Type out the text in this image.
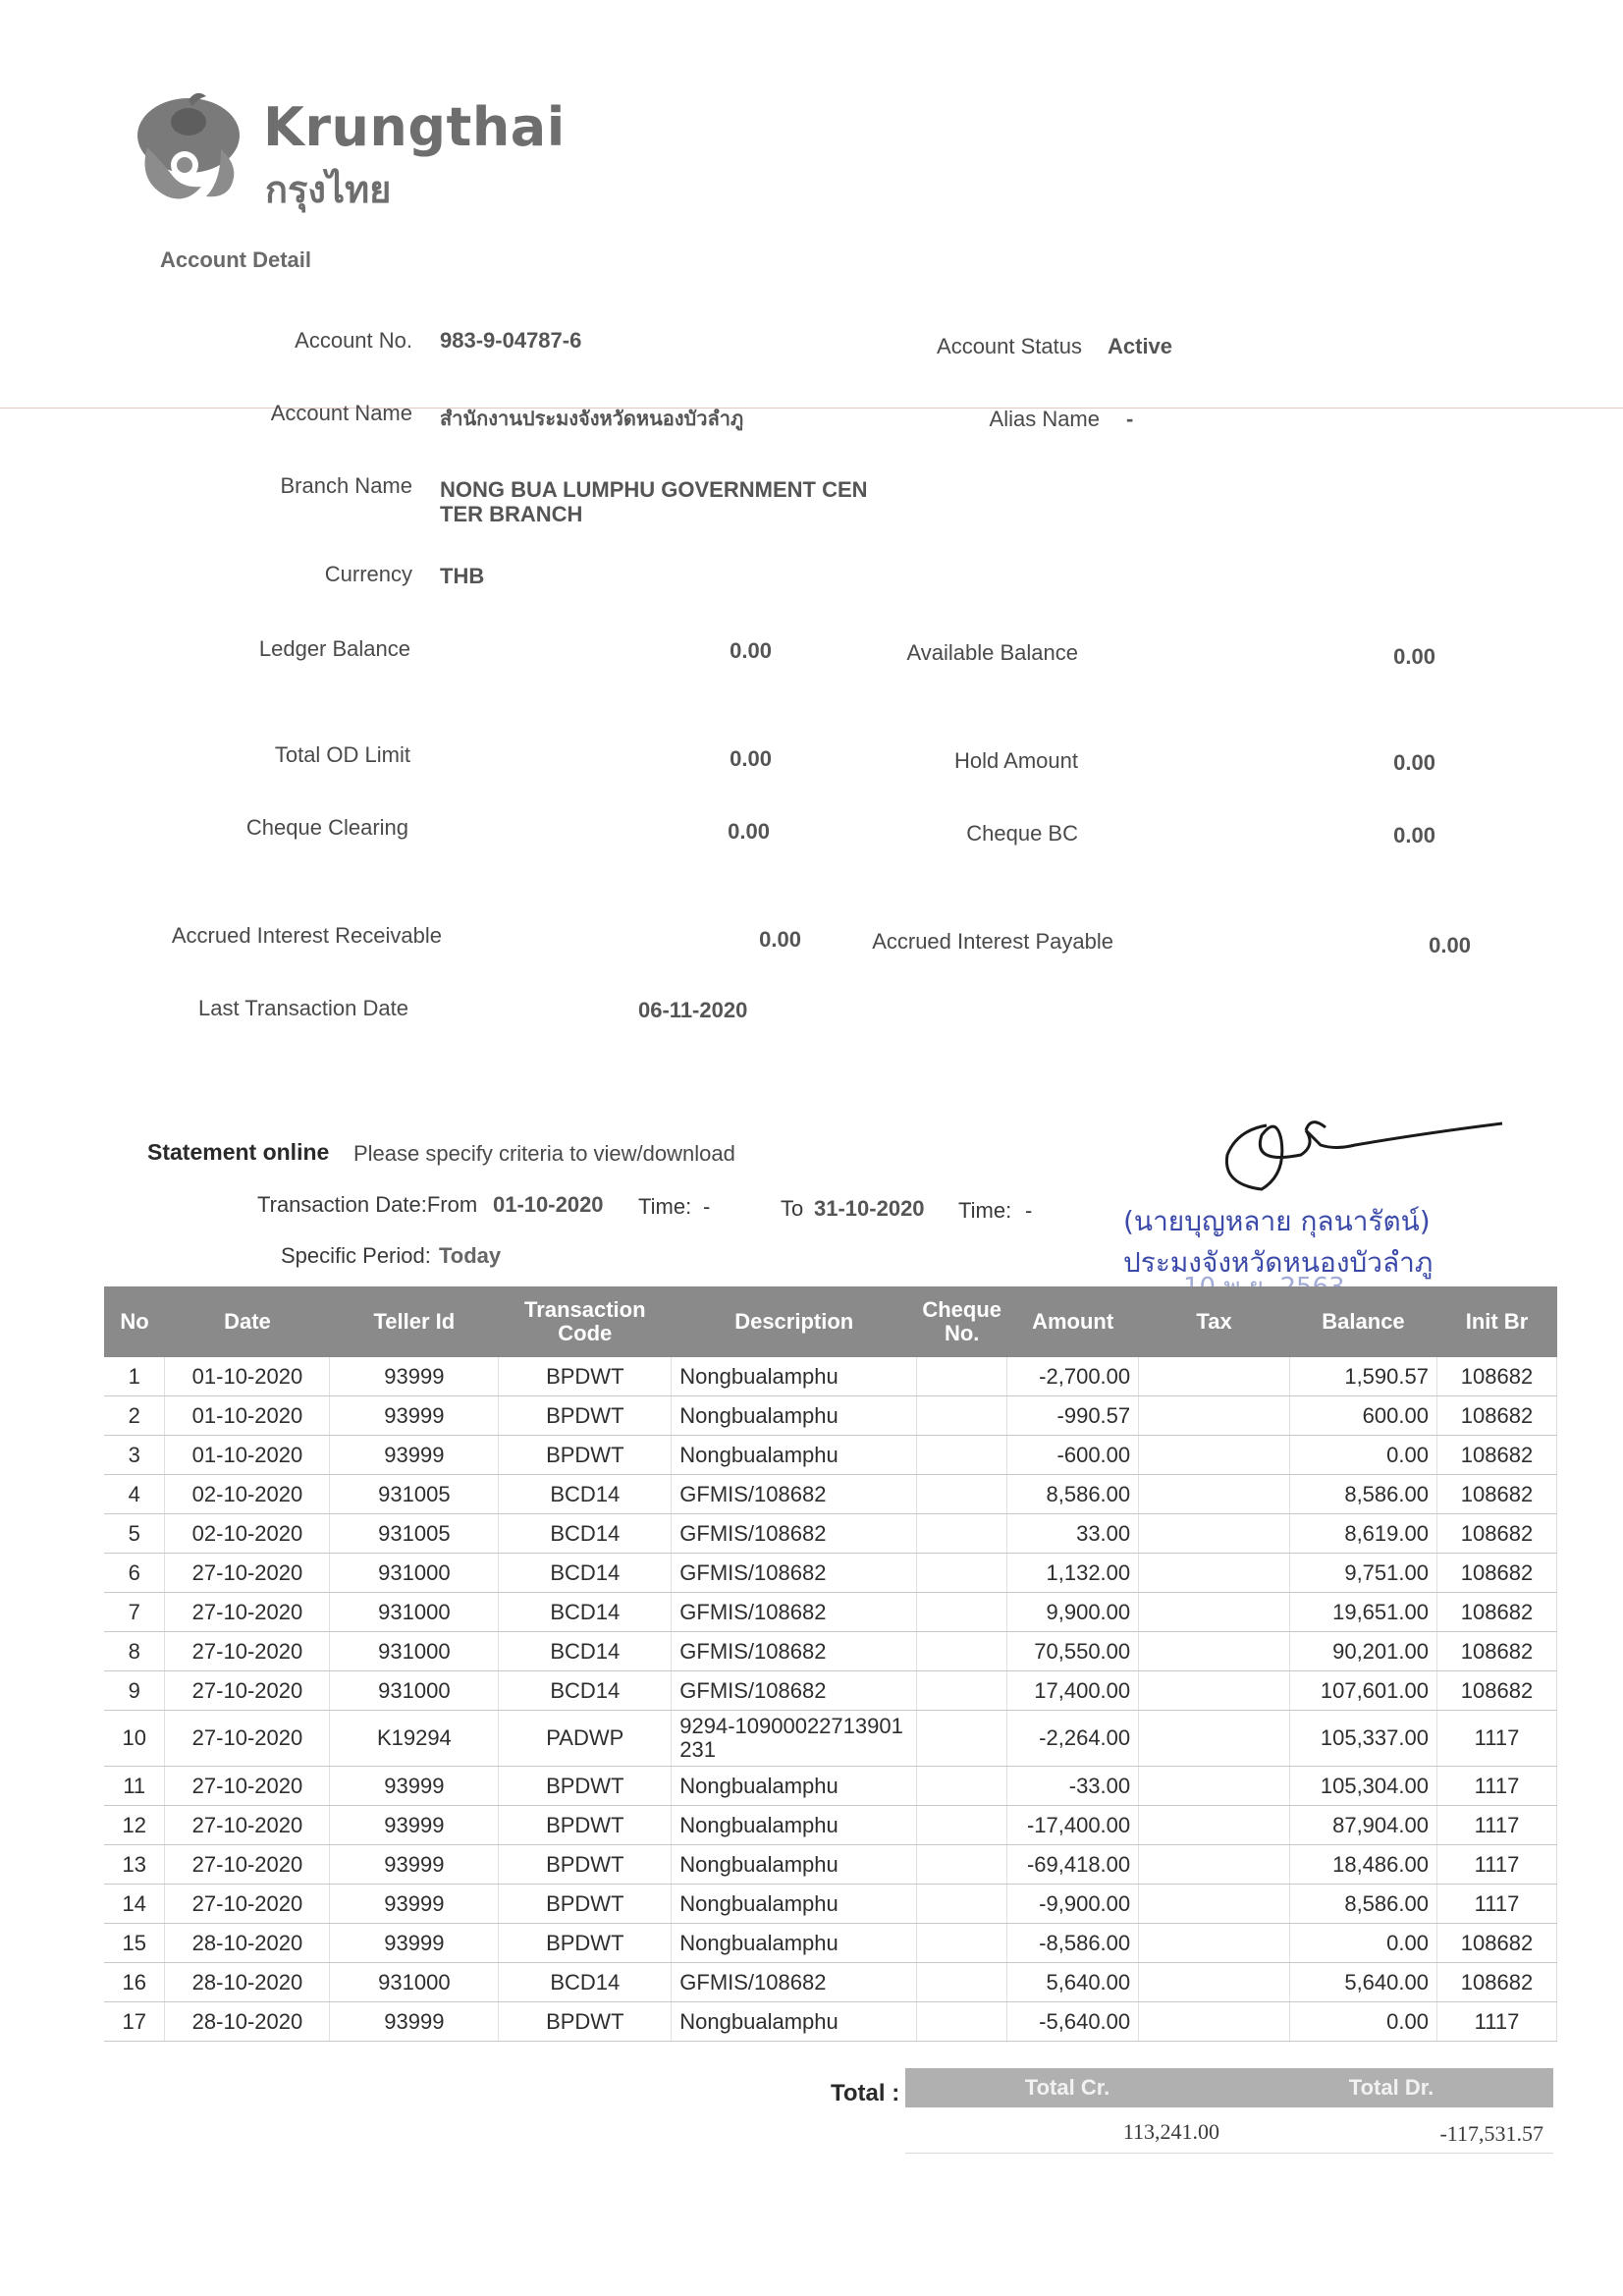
Krungthai
กรุงไทย
Account Detail
Account No. 983-9-04787-6	Account Status Active
Account Name สำนักงานประมงจังหวัดหนองบัวลำภู	Alias Name -
Branch Name NONG BUA LUMPHU GOVERNMENT CEN
TER BRANCH
Currency THB
Ledger Balance	0.00	Available Balance	0.00
Total OD Limit	0.00	Hold Amount	0.00
Cheque Clearing	0.00	Cheque BC	0.00
Accrued Interest Receivable	0.00	Accrued Interest Payable	0.00
Last Transaction Date	06-11-2020
Statement online Please specify criteria to view/download
Transaction Date:From 01-10-2020 Time: -	To 31-10-2020 Time: -
Specific Period: Today
(นายบุญหลาย กุลนารัตน์)
ประมงจังหวัดหนองบัวลำภู
No	Date	Teller Id	Transaction Code	Description	Cheque No.	Amount	Tax	Balance	Init Br
1	01-10-2020	93999	BPDWT	Nongbualamphu		-2,700.00		1,590.57	108682
2	01-10-2020	93999	BPDWT	Nongbualamphu		-990.57		600.00	108682
3	01-10-2020	93999	BPDWT	Nongbualamphu		-600.00		0.00	108682
4	02-10-2020	931005	BCD14	GFMIS/108682		8,586.00		8,586.00	108682
5	02-10-2020	931005	BCD14	GFMIS/108682		33.00		8,619.00	108682
6	27-10-2020	931000	BCD14	GFMIS/108682		1,132.00		9,751.00	108682
7	27-10-2020	931000	BCD14	GFMIS/108682		9,900.00		19,651.00	108682
8	27-10-2020	931000	BCD14	GFMIS/108682		70,550.00		90,201.00	108682
9	27-10-2020	931000	BCD14	GFMIS/108682		17,400.00		107,601.00	108682
10	27-10-2020	K19294	PADWP	9294-10900022713901231		-2,264.00		105,337.00	1117
11	27-10-2020	93999	BPDWT	Nongbualamphu		-33.00		105,304.00	1117
12	27-10-2020	93999	BPDWT	Nongbualamphu		-17,400.00		87,904.00	1117
13	27-10-2020	93999	BPDWT	Nongbualamphu		-69,418.00		18,486.00	1117
14	27-10-2020	93999	BPDWT	Nongbualamphu		-9,900.00		8,586.00	1117
15	28-10-2020	93999	BPDWT	Nongbualamphu		-8,586.00		0.00	108682
16	28-10-2020	931000	BCD14	GFMIS/108682		5,640.00		5,640.00	108682
17	28-10-2020	93999	BPDWT	Nongbualamphu		-5,640.00		0.00	1117
Total :	Total Cr.	Total Dr.
113,241.00	-117,531.57
